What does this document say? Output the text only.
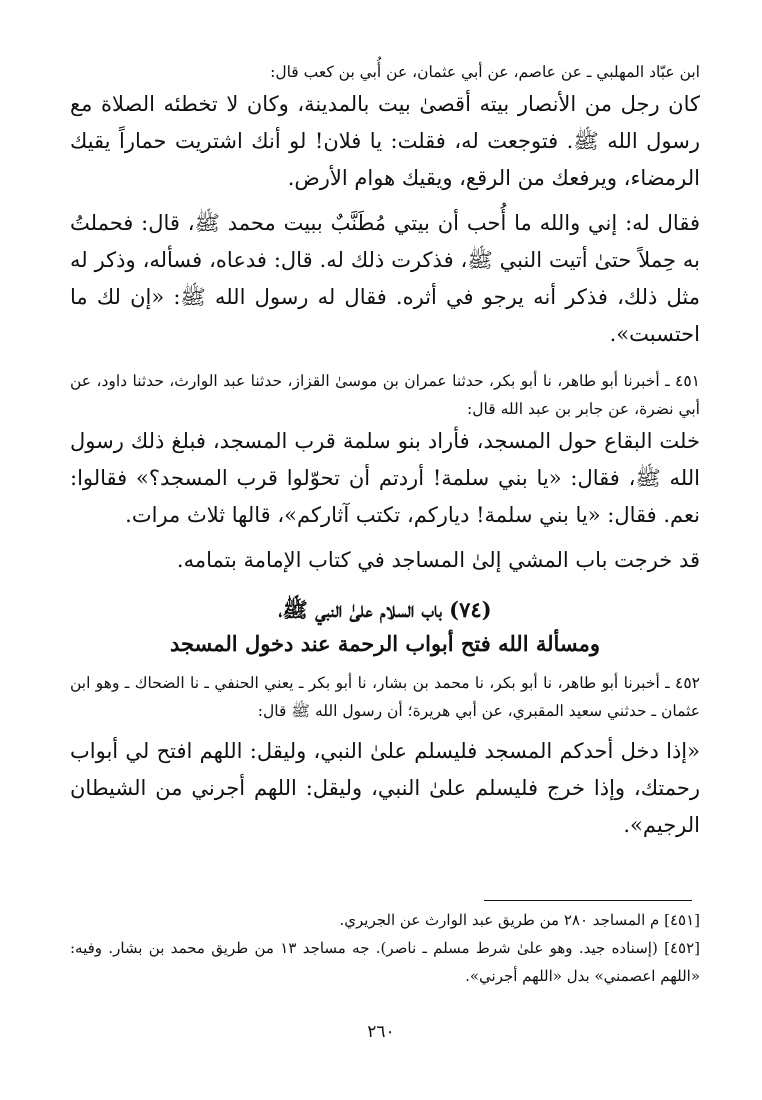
ابن عبّاد المهلبي ـ عن عاصم، عن أبي عثمان، عن أُبي بن كعب قال:

كان رجل من الأنصار بيته أقصىٰ بيت بالمدينة، وكان لا تخطئه الصلاة مع رسول الله ﷺ. فتوجعت له، فقلت: يا فلان! لو أنك اشتريت حماراً يقيك الرمضاء، ويرفعك من الرقع، ويقيك هوام الأرض.

فقال له: إني والله ما أُحب أن بيتي مُطَنَّبٌ ببيت محمد ﷺ، قال: فحملتُ به حِملاً حتىٰ أتيت النبي ﷺ، فذكرت ذلك له. قال: فدعاه، فسأله، وذكر له مثل ذلك، فذكر أنه يرجو في أثره. فقال له رسول الله ﷺ: «إن لك ما احتسبت».

٤٥١ ـ أخبرنا أبو طاهر، نا أبو بكر، حدثنا عمران بن موسىٰ القزاز، حدثنا عبد الوارث، حدثنا داود، عن أبي نضرة، عن جابر بن عبد الله قال:

خلت البقاع حول المسجد، فأراد بنو سلمة قرب المسجد، فبلغ ذلك رسول الله ﷺ، فقال: «يا بني سلمة! أردتم أن تحوّلوا قرب المسجد؟» فقالوا: نعم. فقال: «يا بني سلمة! دياركم، تكتب آثاركم»، قالها ثلاث مرات.

قد خرجت باب المشي إلىٰ المساجد في كتاب الإمامة بتمامه.

(٧٤) باب السلام علىٰ النبي ﷺ،

ومسألة الله فتح أبواب الرحمة عند دخول المسجد

٤٥٢ ـ أخبرنا أبو طاهر، نا أبو بكر، نا محمد بن بشار، نا أبو بكر ـ يعني الحنفي ـ نا الضحاك ـ وهو ابن عثمان ـ حدثني سعيد المقبري، عن أبي هريرة؛ أن رسول الله ﷺ قال:

«إذا دخل أحدكم المسجد فليسلم علىٰ النبي، وليقل: اللهم افتح لي أبواب رحمتك، وإذا خرج فليسلم علىٰ النبي، وليقل: اللهم أجرني من الشيطان الرجيم».

[٤٥١] م المساجد ٢٨٠ من طريق عبد الوارث عن الجريري.

[٤٥٢] (إسناده جيد. وهو علىٰ شرط مسلم ـ ناصر). جه مساجد ١٣ من طريق محمد بن بشار. وفيه: «اللهم اعصمني» بدل «اللهم أجرني».

٢٦٠
